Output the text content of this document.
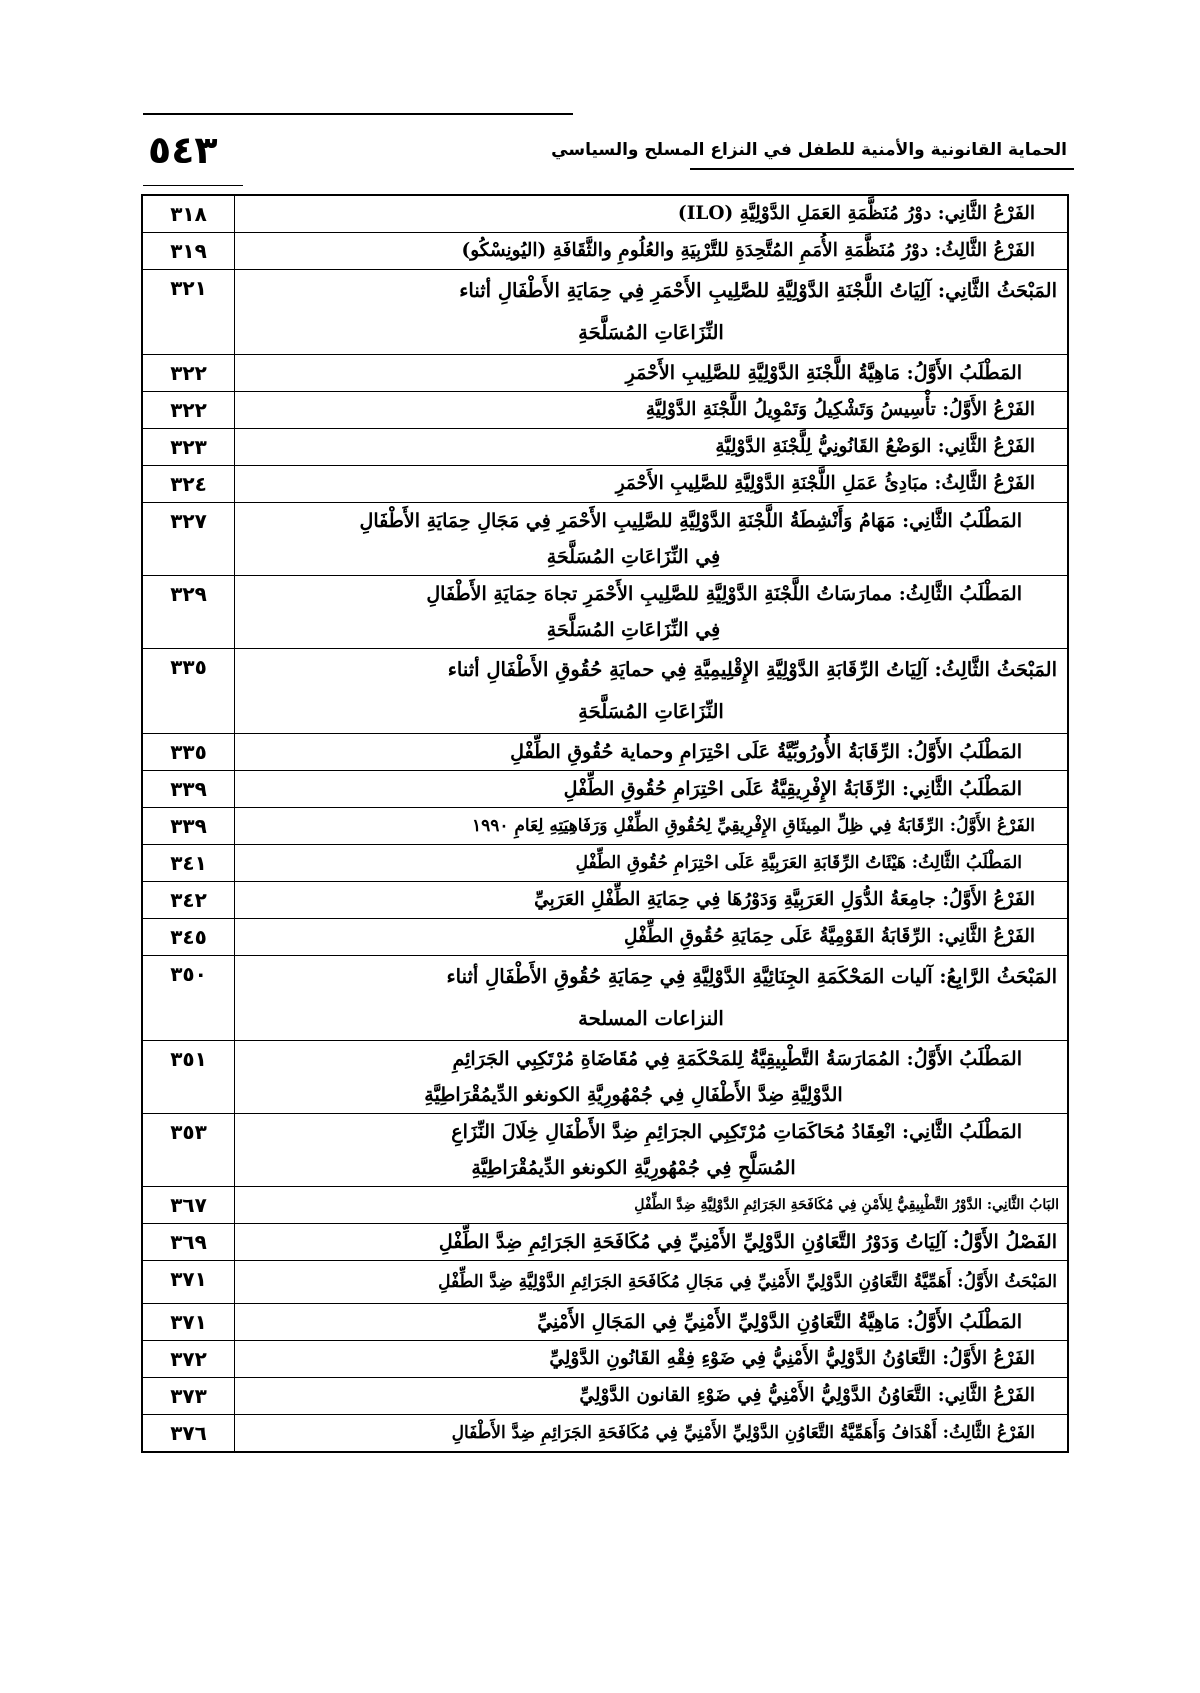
٥٤٣	الحماية القانونية والأمنية للطفل في النزاع المسلح والسياسي
الفَرْعُ الثَّانِي: دوْرُ مُنَظَّمَةِ العَمَلِ الدَّوْلِيَّةِ (ILO)	٣١٨
الفَرْعُ الثَّالِثُ: دوْرُ مُنَظَّمَةِ الأُمَمِ المُتَّحِدَةِ للتَّرْبِيَةِ والعُلُومِ والثَّقَافَةِ (اليُونِسْكُو)	٣١٩
المَبْحَثُ الثَّانِي: آلِيَاتُ اللَّجْنَةِ الدَّوْلِيَّةِ للصَّلِيبِ الأَحْمَرِ فِي حِمَايَةِ الأَطْفَالِ أثناء
النِّزَاعَاتِ المُسَلَّحَةِ	٣٢١
المَطْلَبُ الأَوَّلُ: مَاهِيَّةُ اللَّجْنَةِ الدَّوْلِيَّةِ للصَّلِيبِ الأَحْمَرِ	٣٢٢
الفَرْعُ الأَوَّلُ: تأْسِيسُ وَتَشْكِيلُ وَتَمْوِيلُ اللَّجْنَةِ الدَّوْلِيَّةِ	٣٢٢
الفَرْعُ الثَّانِي: الوَضْعُ القَانُونِيُّ لِلَّجْنَةِ الدَّوْلِيَّةِ	٣٢٣
الفَرْعُ الثَّالِثُ: مبَادِئُ عَمَلِ اللَّجْنَةِ الدَّوْلِيَّةِ للصَّلِيبِ الأَحْمَرِ	٣٢٤
المَطْلَبُ الثَّانِي: مَهَامُ وَأَنْشِطَةُ اللَّجْنَةِ الدَّوْلِيَّةِ للصَّلِيبِ الأَحْمَرِ فِي مَجَالِ حِمَايَةِ الأَطْفَالِ
فِي النِّزَاعَاتِ المُسَلَّحَةِ	٣٢٧
المَطْلَبُ الثَّالِثُ: ممارَسَاتُ اللَّجْنَةِ الدَّوْلِيَّةِ للصَّلِيبِ الأَحْمَرِ تجاهَ حِمَايَةِ الأَطْفَالِ
فِي النِّزَاعَاتِ المُسَلَّحَةِ	٣٢٩
المَبْحَثُ الثَّالِثُ: آلِيَاتُ الرِّقَابَةِ الدَّوْلِيَّةِ الإِقْلِيمِيَّةِ فِي حمايَةِ حُقُوقِ الأَطْفَالِ أثناء
النِّزَاعَاتِ المُسَلَّحَةِ	٣٣٥
المَطْلَبُ الأَوَّلُ: الرِّقَابَةُ الأُورُوبِّيَّةُ عَلَى احْتِرَامِ وحماية حُقُوقِ الطِّفْلِ	٣٣٥
المَطْلَبُ الثَّانِي: الرِّقَابَةُ الإِفْرِيقِيَّةُ عَلَى احْتِرَامِ حُقُوقِ الطِّفْلِ	٣٣٩
الفَرْعُ الأَوَّلُ: الرِّقَابَةُ فِي ظِلِّ المِيثَاقِ الإِفْرِيقِيِّ لِحُقُوقِ الطِّفْلِ وَرَفَاهِيَتِهِ لِعَامِ ١٩٩٠	٣٣٩
المَطْلَبُ الثَّالِثُ: هَيْئَاتُ الرِّقَابَةِ العَرَبِيَّةِ عَلَى احْتِرَامِ حُقُوقِ الطِّفْلِ	٣٤١
الفَرْعُ الأَوَّلُ: جامِعَةُ الدُّوَلِ العَرَبِيَّةِ وَدَوْرُهَا فِي حِمَايَةِ الطِّفْلِ العَرَبِيِّ	٣٤٢
الفَرْعُ الثَّانِي: الرِّقَابَةُ القَوْمِيَّةُ عَلَى حِمَايَةِ حُقُوقِ الطِّفْلِ	٣٤٥
المَبْحَثُ الرَّابِعُ: آليات المَحْكَمَةِ الجِنَائِيَّةِ الدَّوْلِيَّةِ فِي حِمَايَةِ حُقُوقِ الأَطْفَالِ أثناء
النزاعات المسلحة	٣٥٠
المَطْلَبُ الأَوَّلُ: المُمَارَسَةُ التَّطْبِيقِيَّةُ لِلمَحْكَمَةِ فِي مُقَاضَاةِ مُرْتَكِبِي الجَرَائِمِ
الدَّوْلِيَّةِ ضِدَّ الأَطْفَالِ فِي جُمْهُورِيَّةِ الكونغو الدِّيمُقْرَاطِيَّةِ	٣٥١
المَطْلَبُ الثَّانِي: انْعِقَادُ مُحَاكَمَاتِ مُرْتَكِبِي الجرَائِمِ ضِدَّ الأَطْفَالِ خِلَالَ النِّزَاعِ
المُسَلَّحِ فِي جُمْهُورِيَّةِ الكونغو الدِّيمُقْرَاطِيَّةِ	٣٥٣
البَابُ الثَّانِي: الدَّوْرُ التَّطْبِيقِيُّ لِلأَمْنِ فِي مُكَافَحَةِ الجَرَائِمِ الدَّوْلِيَّةِ ضِدَّ الطِّفْلِ	٣٦٧
الفَصْلُ الأَوَّلُ: آلِيَاتُ وَدَوْرُ التَّعَاوُنِ الدَّوْلِيِّ الأَمْنِيِّ فِي مُكَافَحَةِ الجَرَائِمِ ضِدَّ الطِّفْلِ	٣٦٩
المَبْحَثُ الأَوَّلُ: أَهَمِّيَّةُ التَّعَاوُنِ الدَّوْلِيِّ الأَمْنِيِّ فِي مَجَالِ مُكَافَحَةِ الجَرَائِمِ الدَّوْلِيَّةِ ضِدَّ الطِّفْلِ	٣٧١
المَطْلَبُ الأَوَّلُ: مَاهِيَّةُ التَّعَاوُنِ الدَّوْلِيِّ الأَمْنِيِّ فِي المَجَالِ الأَمْنِيِّ	٣٧١
الفَرْعُ الأَوَّلُ: التَّعَاوُنُ الدَّوْلِيُّ الأَمْنِيُّ فِي ضَوْءِ فِقْهِ القَانُونِ الدَّوْلِيِّ	٣٧٢
الفَرْعُ الثَّانِي: التَّعَاوُنُ الدَّوْلِيُّ الأَمْنِيُّ فِي ضَوْءِ القانون الدَّوْلِيِّ	٣٧٣
الفَرْعُ الثَّالِثُ: أَهْدَافُ وَأَهَمِّيَّةُ التَّعَاوُنِ الدَّوْلِيِّ الأَمْنِيِّ فِي مُكَافَحَةِ الجَرَائِمِ ضِدَّ الأَطْفَالِ	٣٧٦
